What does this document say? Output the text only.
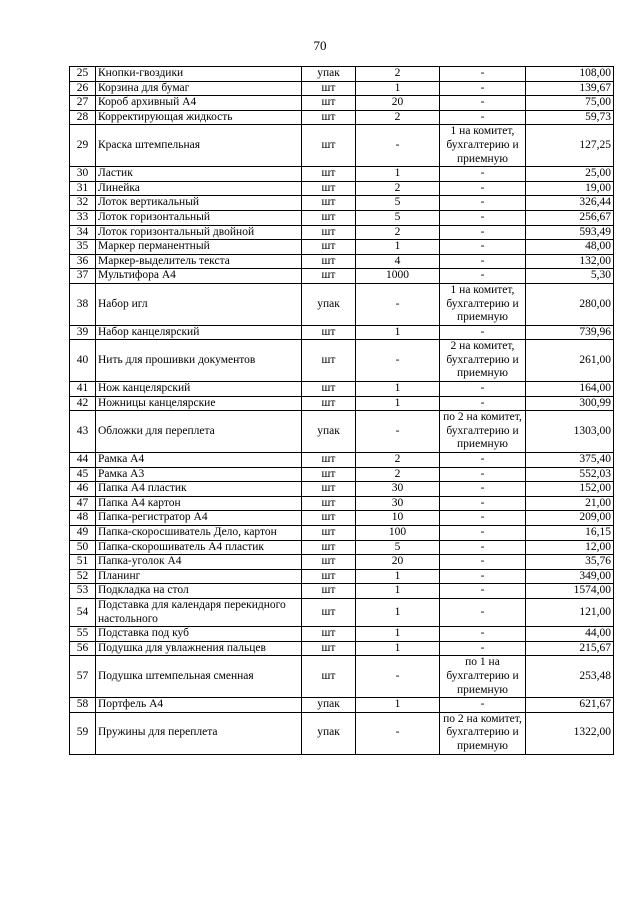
70
25	Кнопки-гвоздики	упак	2	-	108,00
26	Корзина для бумаг	шт	1	-	139,67
27	Короб архивный А4	шт	20	-	75,00
28	Корректирующая жидкость	шт	2	-	59,73
29	Краска штемпельная	шт	-	1 на комитет, бухгалтерию и приемную	127,25
30	Ластик	шт	1	-	25,00
31	Линейка	шт	2	-	19,00
32	Лоток вертикальный	шт	5	-	326,44
33	Лоток горизонтальный	шт	5	-	256,67
34	Лоток горизонтальный двойной	шт	2	-	593,49
35	Маркер перманентный	шт	1	-	48,00
36	Маркер-выделитель текста	шт	4	-	132,00
37	Мультифора А4	шт	1000	-	5,30
38	Набор игл	упак	-	1 на комитет, бухгалтерию и приемную	280,00
39	Набор канцелярский	шт	1	-	739,96
40	Нить для прошивки документов	шт	-	2 на комитет, бухгалтерию и приемную	261,00
41	Нож канцелярский	шт	1	-	164,00
42	Ножницы канцелярские	шт	1	-	300,99
43	Обложки для переплета	упак	-	по 2 на комитет, бухгалтерию и приемную	1303,00
44	Рамка А4	шт	2	-	375,40
45	Рамка А3	шт	2	-	552,03
46	Папка А4 пластик	шт	30	-	152,00
47	Папка А4 картон	шт	30	-	21,00
48	Папка-регистратор А4	шт	10	-	209,00
49	Папка-скоросшиватель Дело, картон	шт	100	-	16,15
50	Папка-скорошиватель А4 пластик	шт	5	-	12,00
51	Папка-уголок А4	шт	20	-	35,76
52	Планинг	шт	1	-	349,00
53	Подкладка на стол	шт	1	-	1574,00
54	Подставка для календаря перекидного настольного	шт	1	-	121,00
55	Подставка под куб	шт	1	-	44,00
56	Подушка для увлажнения пальцев	шт	1	-	215,67
57	Подушка штемпельная сменная	шт	-	по 1 на бухгалтерию и приемную	253,48
58	Портфель А4	упак	1	-	621,67
59	Пружины для переплета	упак	-	по 2 на комитет, бухгалтерию и приемную	1322,00
